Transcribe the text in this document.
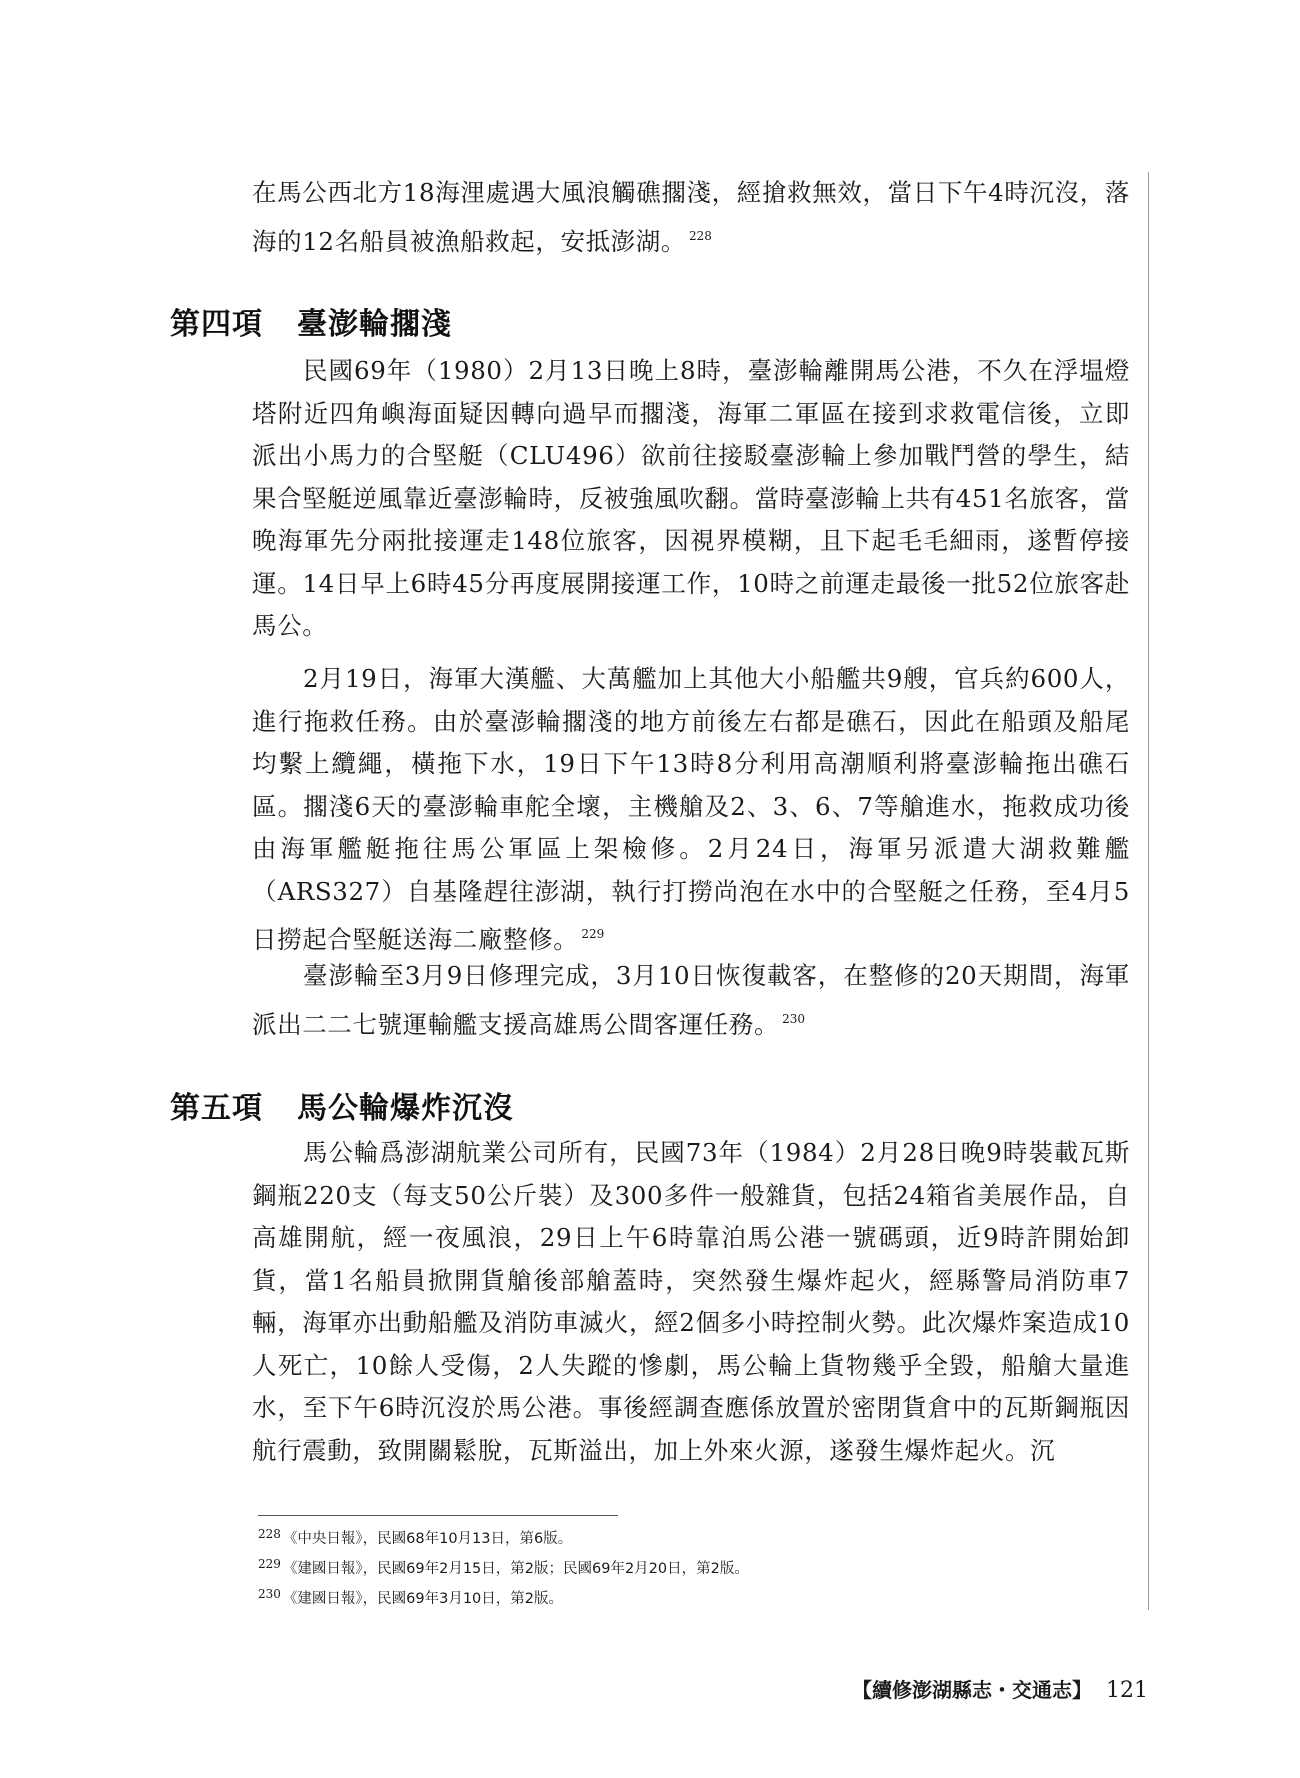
在馬公西北方18海浬處遇大風浪觸礁擱淺，經搶救無效，當日下午4時沉沒，落海的12名船員被漁船救起，安抵澎湖。 $^{228}$

第四項 臺澎輪擱淺

民國69年（1980）2月13日晚上8時，臺澎輪離開馬公港，不久在浮塭燈塔附近四角嶼海面疑因轉向過早而擱淺，海軍二軍區在接到求救電信後，立即派出小馬力的合堅艇（CLU496）欲前往接駁臺澎輪上參加戰鬥營的學生，結果合堅艇逆風靠近臺澎輪時，反被強風吹翻。當時臺澎輪上共有451名旅客，當晚海軍先分兩批接運走148位旅客，因視界模糊，且下起毛毛細雨，遂暫停接運。14日早上6時45分再度展開接運工作，10時之前運走最後一批52位旅客赴馬公。

2月19日，海軍大漢艦、大萬艦加上其他大小船艦共9艘，官兵約600人，進行拖救任務。由於臺澎輪擱淺的地方前後左右都是礁石，因此在船頭及船尾均繫上纜繩，橫拖下水，19日下午13時8分利用高潮順利將臺澎輪拖出礁石區。擱淺6天的臺澎輪車舵全壞，主機艙及2、3、6、7等艙進水，拖救成功後由海軍艦艇拖往馬公軍區上架檢修。2月24日，海軍另派遣大湖救難艦（ARS327）自基隆趕往澎湖，執行打撈尚泡在水中的合堅艇之任務，至4月5日撈起合堅艇送海二廠整修。 $^{229}$

臺澎輪至3月9日修理完成，3月10日恢復載客，在整修的20天期間，海軍派出二二七號運輸艦支援高雄馬公間客運任務。 $^{230}$

第五項 馬公輪爆炸沉沒

馬公輪爲澎湖航業公司所有，民國73年（1984）2月28日晚9時裝載瓦斯鋼瓶220支（每支50公斤裝）及300多件一般雜貨，包括24箱省美展作品，自高雄開航，經一夜風浪，29日上午6時靠泊馬公港一號碼頭，近9時許開始卸貨，當1名船員掀開貨艙後部艙蓋時，突然發生爆炸起火，經縣警局消防車7輛，海軍亦出動船艦及消防車滅火，經2個多小時控制火勢。此次爆炸案造成10人死亡，10餘人受傷，2人失蹤的慘劇，馬公輪上貨物幾乎全毀，船艙大量進水，至下午6時沉沒於馬公港。事後經調查應係放置於密閉貨倉中的瓦斯鋼瓶因航行震動，致開關鬆脫，瓦斯溢出，加上外來火源，遂發生爆炸起火。沉

$^{228}$ 《中央日報》，民國68年10月13日，第6版。
$^{229}$ 《建國日報》，民國69年2月15日，第2版；民國69年2月20日，第2版。
$^{230}$ 《建國日報》，民國69年3月10日，第2版。
【續修澎湖縣志・交通志】 121
